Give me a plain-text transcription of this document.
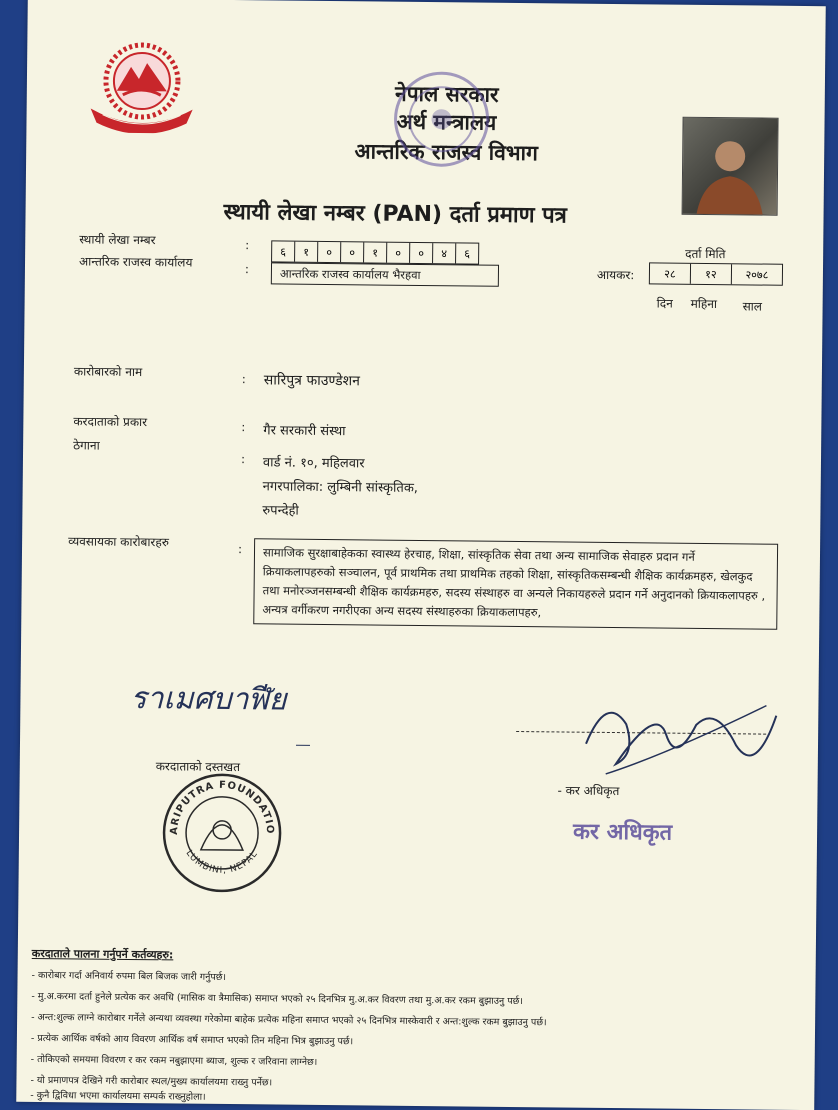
नेपाल सरकार
अर्थ मन्त्रालय
आन्तरिक राजस्व विभाग
स्थायी लेखा नम्बर (PAN) दर्ता प्रमाण पत्र
स्थायी लेखा नम्बर	:	६	१	०	०	१	०	०	४	६
आन्तरिक राजस्व कार्यालय	:	आन्तरिक राजस्व कार्यालय भैरहवा
दर्ता मिति
आयकर:	२८	१२	२०७८
दिन महिना साल
कारोबारको नाम
: सारिपुत्र फाउण्डेशन
करदाताको प्रकार	: गैर सरकारी संस्था
ठेगाना
: वार्ड नं. १०, महिलवार
नगरपालिका: लुम्बिनी सांस्कृतिक,
रुपन्देही
व्यवसायका कारोबारहरु	:	सामाजिक सुरक्षाबाहेकका स्वास्थ्य हेरचाह, शिक्षा, सांस्कृतिक सेवा तथा अन्य सामाजिक सेवाहरु प्रदान गर्ने क्रियाकलापहरुको सञ्चालन, पूर्व प्राथमिक तथा प्राथमिक तहको शिक्षा, सांस्कृतिकसम्बन्धी शैक्षिक कार्यक्रमहरु, खेलकुद तथा मनोरञ्जनसम्बन्धी शैक्षिक कार्यक्रमहरु, सदस्य संस्थाहरु वा अन्यले निकायहरुले प्रदान गर्ने अनुदानको क्रियाकलापहरु , अन्यत्र वर्गीकरण नगरीएका अन्य सदस्य संस्थाहरुका क्रियाकलापहरु,
ราเมศบาฬีย
करदाताको दस्तखत
SARIPUTRA FOUNDATION
LUMBINI, NEPAL
- कर अधिकृत
कर अधिकृत
करदाताले पालना गर्नुपर्ने कर्तव्यहरु:
- कारोबार गर्दा अनिवार्य रुपमा बिल बिजक जारी गर्नुपर्छ।
- मु.अ.करमा दर्ता हुनेले प्रत्येक कर अवधि (मासिक वा त्रैमासिक) समाप्त भएको २५ दिनभित्र मु.अ.कर विवरण तथा मु.अ.कर रकम बुझाउनु पर्छ।
- अन्त:शुल्क लाग्ने कारोबार गर्नेले अन्यथा व्यवस्था गरेकोमा बाहेक प्रत्येक महिना समाप्त भएको २५ दिनभित्र मास्केवारी र अन्त:शुल्क रकम बुझाउनु पर्छ।
- प्रत्येक आर्थिक वर्षको आय विवरण आर्थिक वर्ष समाप्त भएको तिन महिना भित्र बुझाउनु पर्छ।
- तोकिएको समयमा विवरण र कर रकम नबुझाएमा ब्याज, शुल्क र जरिवाना लाग्नेछ।
- यो प्रमाणपत्र देखिने गरी कारोबार स्थल/मुख्य कार्यालयमा राख्नु पर्नेछ।
- कुनै द्विविधा भएमा कार्यालयमा सम्पर्क राख्नुहोला।
